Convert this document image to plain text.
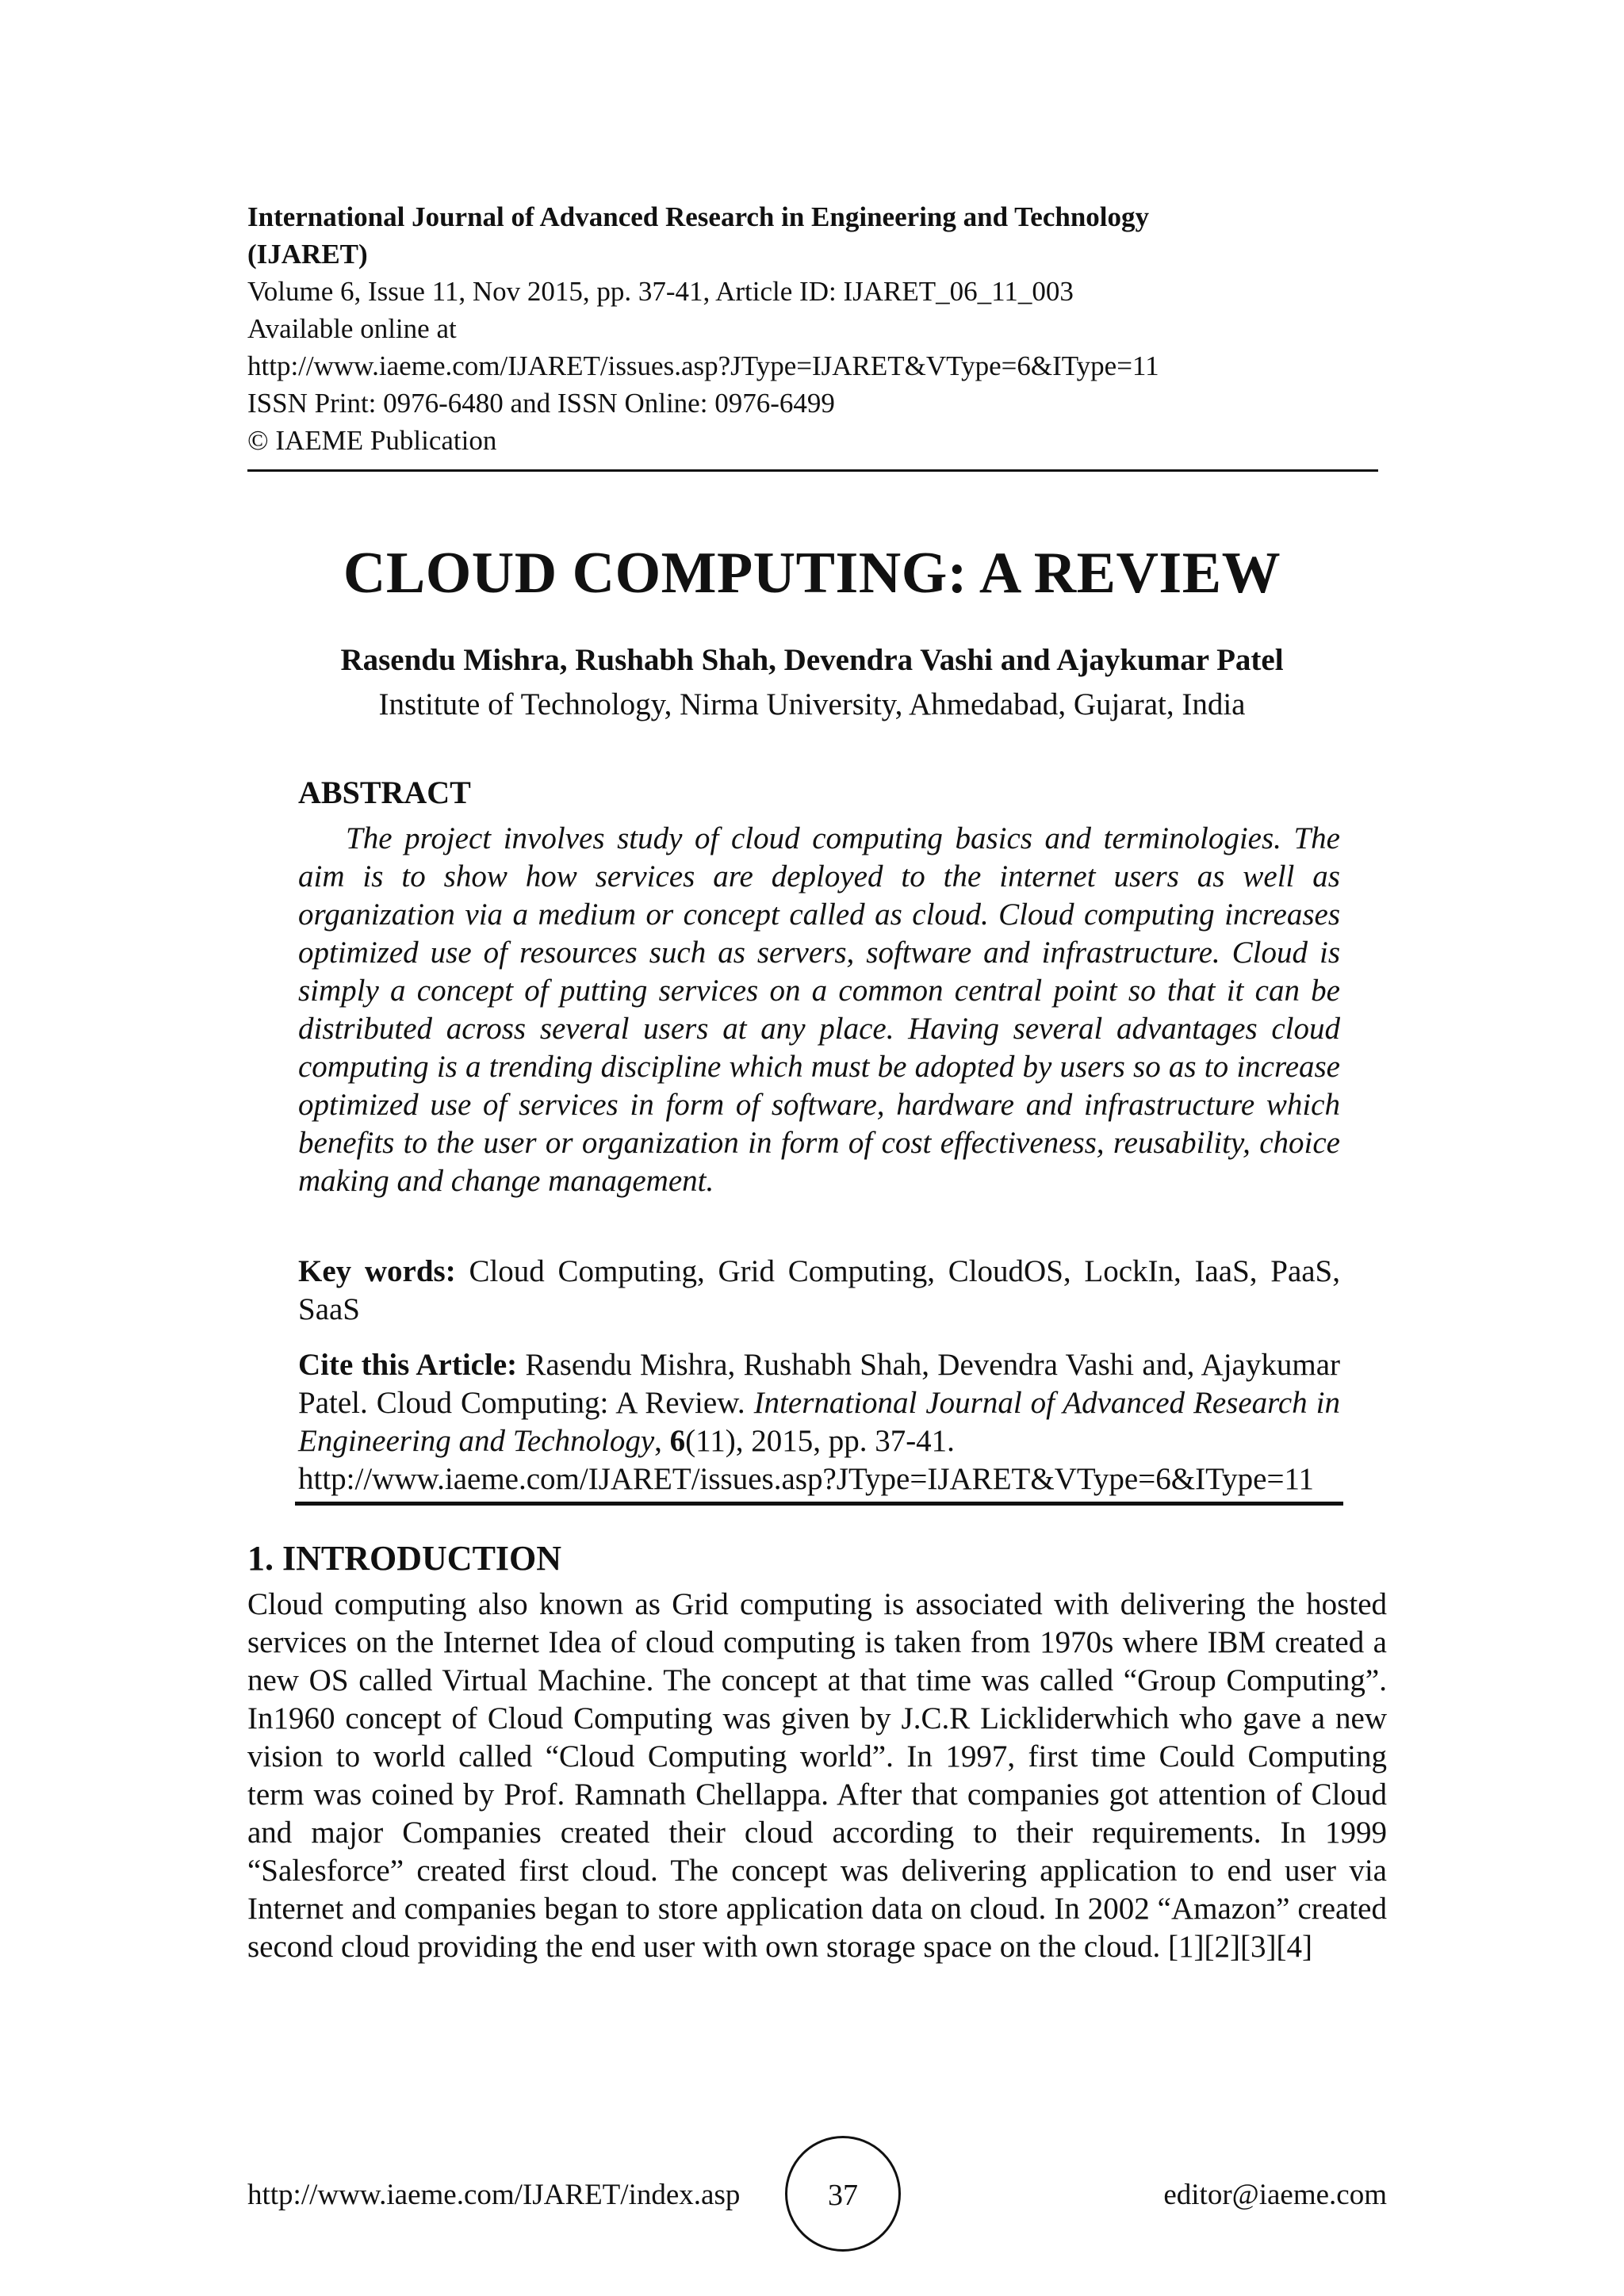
International Journal of Advanced Research in Engineering and Technology
(IJARET)
Volume 6, Issue 11, Nov 2015, pp. 37-41, Article ID: IJARET_06_11_003
Available online at
http://www.iaeme.com/IJARET/issues.asp?JType=IJARET&VType=6&IType=11
ISSN Print: 0976-6480 and ISSN Online: 0976-6499
© IAEME Publication
CLOUD COMPUTING: A REVIEW
Rasendu Mishra, Rushabh Shah, Devendra Vashi and Ajaykumar Patel
Institute of Technology, Nirma University, Ahmedabad, Gujarat, India
ABSTRACT
The project involves study of cloud computing basics and terminologies. The aim is to show how services are deployed to the internet users as well as organization via a medium or concept called as cloud. Cloud computing increases optimized use of resources such as servers, software and infrastructure. Cloud is simply a concept of putting services on a common central point so that it can be distributed across several users at any place. Having several advantages cloud computing is a trending discipline which must be adopted by users so as to increase optimized use of services in form of software, hardware and infrastructure which benefits to the user or organization in form of cost effectiveness, reusability, choice making and change management.
Key words: Cloud Computing, Grid Computing, CloudOS, LockIn, IaaS, PaaS, SaaS
Cite this Article: Rasendu Mishra, Rushabh Shah, Devendra Vashi and, Ajaykumar Patel. Cloud Computing: A Review. International Journal of Advanced Research in Engineering and Technology, 6(11), 2015, pp. 37-41.
http://www.iaeme.com/IJARET/issues.asp?JType=IJARET&VType=6&IType=11
1. INTRODUCTION
Cloud computing also known as Grid computing is associated with delivering the hosted services on the Internet Idea of cloud computing is taken from 1970s where IBM created a new OS called Virtual Machine. The concept at that time was called “Group Computing”. In1960 concept of Cloud Computing was given by J.C.R Lickliderwhich who gave a new vision to world called “Cloud Computing world”. In 1997, first time Could Computing term was coined by Prof. Ramnath Chellappa. After that companies got attention of Cloud and major Companies created their cloud according to their requirements. In 1999 “Salesforce” created first cloud. The concept was delivering application to end user via Internet and companies began to store application data on cloud. In 2002 “Amazon” created second cloud providing the end user with own storage space on the cloud. [1][2][3][4]
http://www.iaeme.com/IJARET/index.asp	37	editor@iaeme.com
